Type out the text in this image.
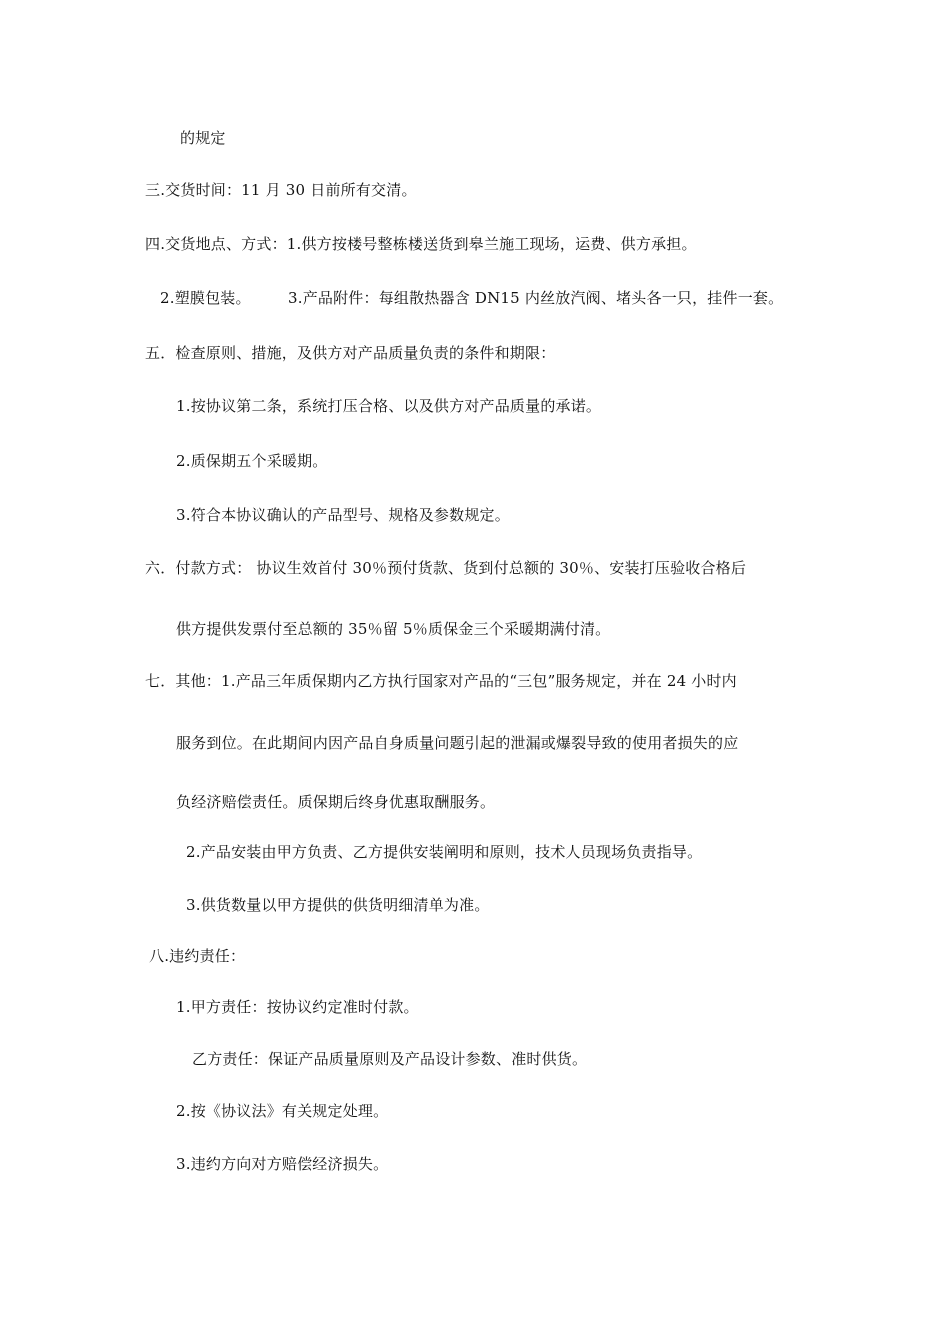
的规定
三.交货时间：11 月 30 日前所有交清。
四.交货地点、方式：1.供方按楼号整栋楼送货到皋兰施工现场，运费、供方承担。
2.塑膜包装。 3.产品附件：每组散热器含 DN15 内丝放汽阀、堵头各一只，挂件一套。
五．检查原则、措施，及供方对产品质量负责的条件和期限：
1.按协议第二条，系统打压合格、以及供方对产品质量的承诺。
2.质保期五个采暖期。
3.符合本协议确认的产品型号、规格及参数规定。
六．付款方式： 协议生效首付 30％预付货款、货到付总额的 30％、安装打压验收合格后
供方提供发票付至总额的 35％留 5％质保金三个采暖期满付清。
七．其他：1.产品三年质保期内乙方执行国家对产品的“三包”服务规定，并在 24 小时内
服务到位。在此期间内因产品自身质量问题引起的泄漏或爆裂导致的使用者损失的应
负经济赔偿责任。质保期后终身优惠取酬服务。
2.产品安装由甲方负责、乙方提供安装阐明和原则，技术人员现场负责指导。
3.供货数量以甲方提供的供货明细清单为准。
八.违约责任：
1.甲方责任：按协议约定准时付款。
乙方责任：保证产品质量原则及产品设计参数、准时供货。
2.按《协议法》有关规定处理。
3.违约方向对方赔偿经济损失。
